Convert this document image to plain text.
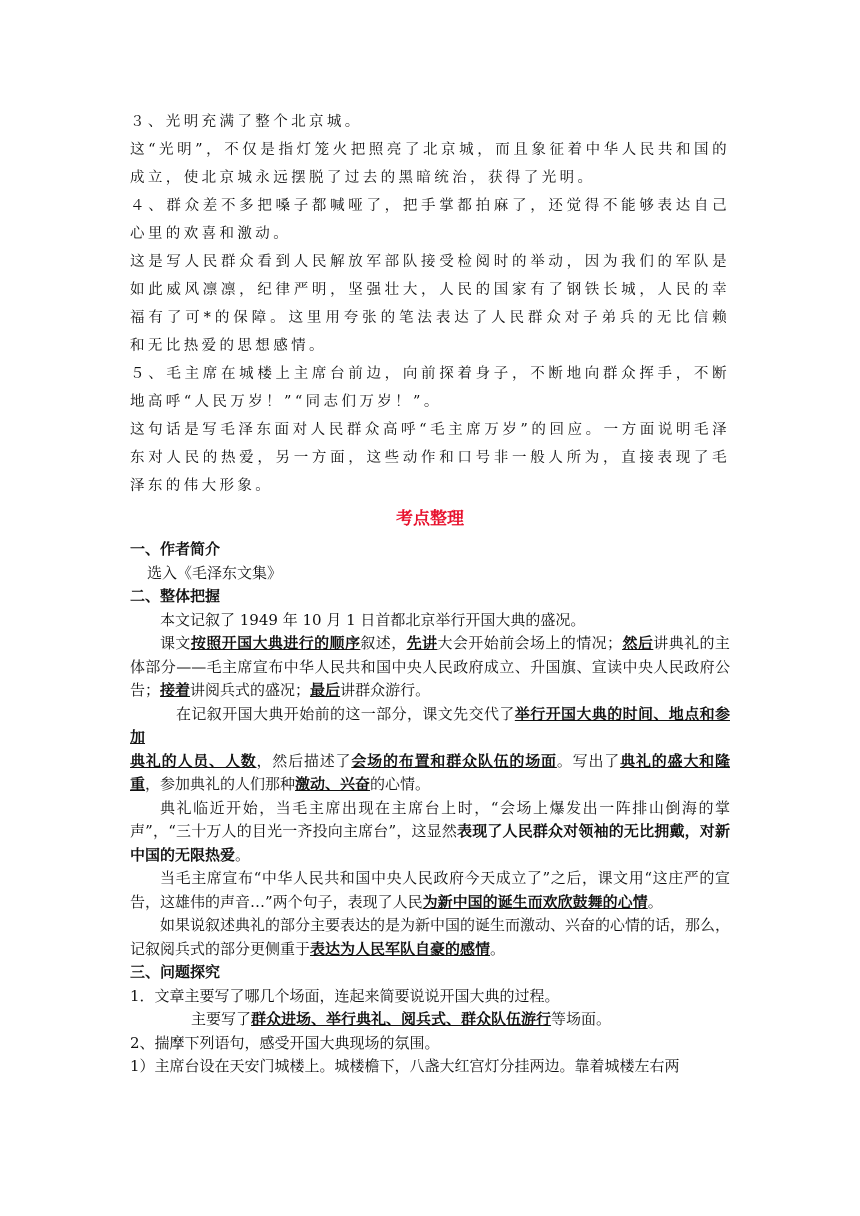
３、光明充满了整个北京城。

这“光明”，不仅是指灯笼火把照亮了北京城，而且象征着中华人民共和国的成立，使北京城永远摆脱了过去的黑暗统治，获得了光明。

４、群众差不多把嗓子都喊哑了，把手掌都拍麻了，还觉得不能够表达自己心里的欢喜和激动。

这是写人民群众看到人民解放军部队接受检阅时的举动，因为我们的军队是如此威风凛凛，纪律严明，坚强壮大，人民的国家有了钢铁长城，人民的幸福有了可*的保障。这里用夸张的笔法表达了人民群众对子弟兵的无比信赖和无比热爱的思想感情。

５、毛主席在城楼上主席台前边，向前探着身子，不断地向群众挥手，不断地高呼“人民万岁！”“同志们万岁！”。

这句话是写毛泽东面对人民群众高呼“毛主席万岁”的回应。一方面说明毛泽东对人民的热爱，另一方面，这些动作和口号非一般人所为，直接表现了毛泽东的伟大形象。

考点整理

一、作者简介

选入《毛泽东文集》

二、整体把握

本文记叙了 1949 年 10 月 1 日首都北京举行开国大典的盛况。

课文按照开国大典进行的顺序叙述，先讲大会开始前会场上的情况；然后讲典礼的主体部分——毛主席宣布中华人民共和国中央人民政府成立、升国旗、宣读中央人民政府公告；接着讲阅兵式的盛况；最后讲群众游行。

在记叙开国大典开始前的这一部分，课文先交代了举行开国大典的时间、地点和参加

典礼的人员、人数，然后描述了会场的布置和群众队伍的场面。写出了典礼的盛大和隆重，参加典礼的人们那种激动、兴奋的心情。

典礼临近开始，当毛主席出现在主席台上时，“会场上爆发出一阵排山倒海的掌声”，“三十万人的目光一齐投向主席台”，这显然表现了人民群众对领袖的无比拥戴，对新中国的无限热爱。

当毛主席宣布“中华人民共和国中央人民政府今天成立了”之后，课文用“这庄严的宣告，这雄伟的声音…”两个句子，表现了人民为新中国的诞生而欢欣鼓舞的心情。

如果说叙述典礼的部分主要表达的是为新中国的诞生而激动、兴奋的心情的话，那么，记叙阅兵式的部分更侧重于表达为人民军队自豪的感情。

三、问题探究

1．文章主要写了哪几个场面，连起来简要说说开国大典的过程。

主要写了群众进场、举行典礼、阅兵式、群众队伍游行等场面。

2、揣摩下列语句，感受开国大典现场的氛围。

1）主席台设在天安门城楼上。城楼檐下，八盏大红宫灯分挂两边。靠着城楼左右两
